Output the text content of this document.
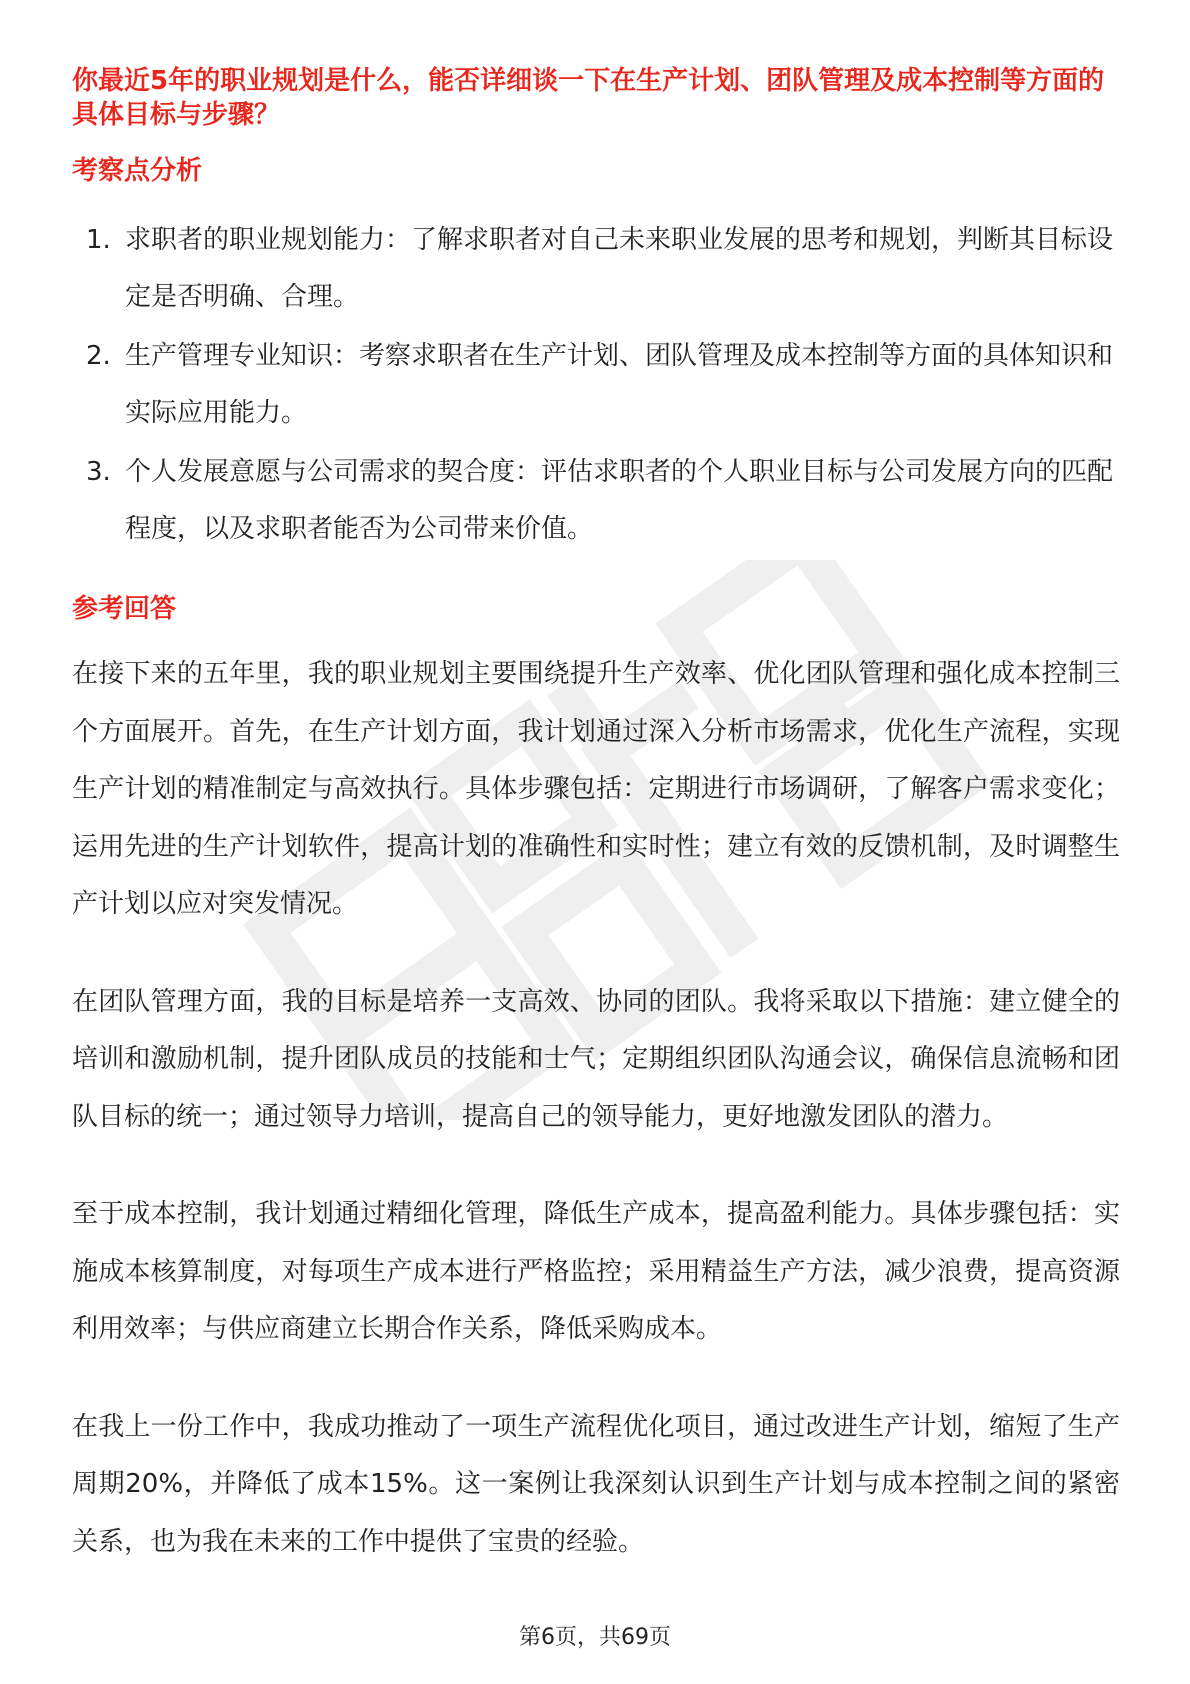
你最近5年的职业规划是什么，能否详细谈一下在生产计划、团队管理及成本控制等方面的具体目标与步骤？
考察点分析
1. 求职者的职业规划能力：了解求职者对自己未来职业发展的思考和规划，判断其目标设定是否明确、合理。
2. 生产管理专业知识：考察求职者在生产计划、团队管理及成本控制等方面的具体知识和实际应用能力。
3. 个人发展意愿与公司需求的契合度：评估求职者的个人职业目标与公司发展方向的匹配程度，以及求职者能否为公司带来价值。
参考回答

在接下来的五年里，我的职业规划主要围绕提升生产效率、优化团队管理和强化成本控制三个方面展开。首先，在生产计划方面，我计划通过深入分析市场需求，优化生产流程，实现生产计划的精准制定与高效执行。具体步骤包括：定期进行市场调研，了解客户需求变化；运用先进的生产计划软件，提高计划的准确性和实时性；建立有效的反馈机制，及时调整生产计划以应对突发情况。

在团队管理方面，我的目标是培养一支高效、协同的团队。我将采取以下措施：建立健全的培训和激励机制，提升团队成员的技能和士气；定期组织团队沟通会议，确保信息流畅和团队目标的统一；通过领导力培训，提高自己的领导能力，更好地激发团队的潜力。

至于成本控制，我计划通过精细化管理，降低生产成本，提高盈利能力。具体步骤包括：实施成本核算制度，对每项生产成本进行严格监控；采用精益生产方法，减少浪费，提高资源利用效率；与供应商建立长期合作关系，降低采购成本。

在我上一份工作中，我成功推动了一项生产流程优化项目，通过改进生产计划，缩短了生产周期20%，并降低了成本15%。这一案例让我深刻认识到生产计划与成本控制之间的紧密关系，也为我在未来的工作中提供了宝贵的经验。

第6页，共69页
